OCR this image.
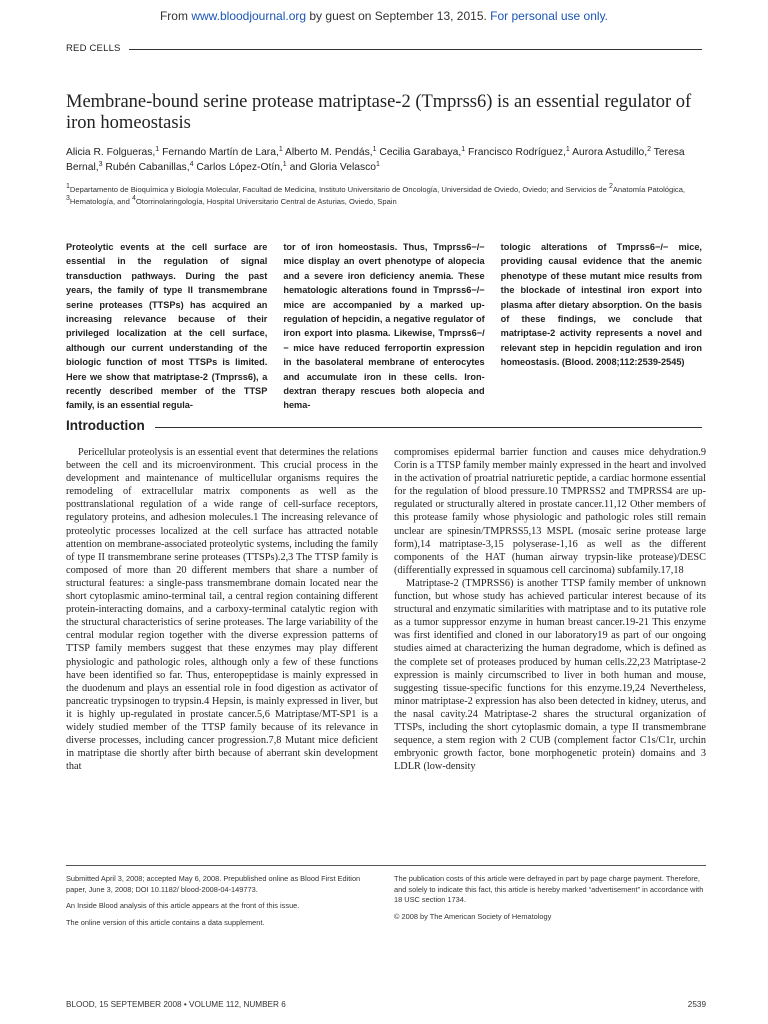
From www.bloodjournal.org by guest on September 13, 2015. For personal use only.
RED CELLS
Membrane-bound serine protease matriptase-2 (Tmprss6) is an essential regulator of iron homeostasis
Alicia R. Folgueras,$^1$ Fernando Martín de Lara,$^1$ Alberto M. Pendás,$^1$ Cecilia Garabaya,$^1$ Francisco Rodríguez,$^1$ Aurora Astudillo,$^2$ Teresa Bernal,$^3$ Rubén Cabanillas,$^4$ Carlos López-Otín,$^1$ and Gloria Velasco$^1$
$^1$Departamento de Bioquímica y Biología Molecular, Facultad de Medicina, Instituto Universitario de Oncología, Universidad de Oviedo, Oviedo; and Servicios de $^2$Anatomía Patológica, $^3$Hematología, and $^4$Otorrinolaringología, Hospital Universitario Central de Asturias, Oviedo, Spain
Proteolytic events at the cell surface are essential in the regulation of signal transduction pathways. During the past years, the family of type II transmembrane serine proteases (TTSPs) has acquired an increasing relevance because of their privileged localization at the cell surface, although our current understanding of the biologic function of most TTSPs is limited. Here we show that matriptase-2 (Tmprss6), a recently described member of the TTSP family, is an essential regula-
tor of iron homeostasis. Thus, Tmprss6−/− mice display an overt phenotype of alopecia and a severe iron deficiency anemia. These hematologic alterations found in Tmprss6−/− mice are accompanied by a marked up-regulation of hepcidin, a negative regulator of iron export into plasma. Likewise, Tmprss6−/− mice have reduced ferroportin expression in the basolateral membrane of enterocytes and accumulate iron in these cells. Iron-dextran therapy rescues both alopecia and hema-
tologic alterations of Tmprss6−/− mice, providing causal evidence that the anemic phenotype of these mutant mice results from the blockade of intestinal iron export into plasma after dietary absorption. On the basis of these findings, we conclude that matriptase-2 activity represents a novel and relevant step in hepcidin regulation and iron homeostasis. (Blood. 2008;112:2539-2545)
Introduction

Pericellular proteolysis is an essential event that determines the relations between the cell and its microenvironment. This crucial process in the development and maintenance of multicellular organisms requires the remodeling of extracellular matrix components as well as the posttranslational regulation of a wide range of cell-surface receptors, regulatory proteins, and adhesion molecules.1 The increasing relevance of proteolytic processes localized at the cell surface has attracted notable attention on membrane-associated proteolytic systems, including the family of type II transmembrane serine proteases (TTSPs).2,3 The TTSP family is composed of more than 20 different members that share a number of structural features: a single-pass transmembrane domain located near the short cytoplasmic amino-terminal tail, a central region containing different protein-interacting domains, and a carboxy-terminal catalytic region with the structural characteristics of serine proteases. The large variability of the central modular region together with the diverse expression patterns of TTSP family members suggest that these enzymes may play different physiologic and pathologic roles, although only a few of these functions have been identified so far. Thus, enteropeptidase is mainly expressed in the duodenum and plays an essential role in food digestion as activator of pancreatic trypsinogen to trypsin.4 Hepsin, is mainly expressed in liver, but it is highly up-regulated in prostate cancer.5,6 Matriptase/MT-SP1 is a widely studied member of the TTSP family because of its relevance in diverse processes, including cancer progression.7,8 Mutant mice deficient in matriptase die shortly after birth because of aberrant skin development that

compromises epidermal barrier function and causes mice dehydration.9 Corin is a TTSP family member mainly expressed in the heart and involved in the activation of proatrial natriuretic peptide, a cardiac hormone essential for the regulation of blood pressure.10 TMPRSS2 and TMPRSS4 are up-regulated or structurally altered in prostate cancer.11,12 Other members of this protease family whose physiologic and pathologic roles still remain unclear are spinesin/TMPRSS5,13 MSPL (mosaic serine protease large form),14 matriptase-3,15 polyserase-1,16 as well as the different components of the HAT (human airway trypsin-like protease)/DESC (differentially expressed in squamous cell carcinoma) subfamily.17,18

Matriptase-2 (TMPRSS6) is another TTSP family member of unknown function, but whose study has achieved particular interest because of its structural and enzymatic similarities with matriptase and to its putative role as a tumor suppressor enzyme in human breast cancer.19-21 This enzyme was first identified and cloned in our laboratory19 as part of our ongoing studies aimed at characterizing the human degradome, which is defined as the complete set of proteases produced by human cells.22,23 Matriptase-2 expression is mainly circumscribed to liver in both human and mouse, suggesting tissue-specific functions for this enzyme.19,24 Nevertheless, minor matriptase-2 expression has also been detected in kidney, uterus, and the nasal cavity.24 Matriptase-2 shares the structural organization of TTSPs, including the short cytoplasmic domain, a type II transmembrane sequence, a stem region with 2 CUB (complement factor C1s/C1r, urchin embryonic growth factor, bone morphogenetic protein) domains and 3 LDLR (low-density

Submitted April 3, 2008; accepted May 6, 2008. Prepublished online as Blood First Edition paper, June 3, 2008; DOI 10.1182/ blood-2008-04-149773.

An Inside Blood analysis of this article appears at the front of this issue.

The online version of this article contains a data supplement.

The publication costs of this article were defrayed in part by page charge payment. Therefore, and solely to indicate this fact, this article is hereby marked “advertisement” in accordance with 18 USC section 1734.

© 2008 by The American Society of Hematology

BLOOD, 15 SEPTEMBER 2008 • VOLUME 112, NUMBER 6	2539
